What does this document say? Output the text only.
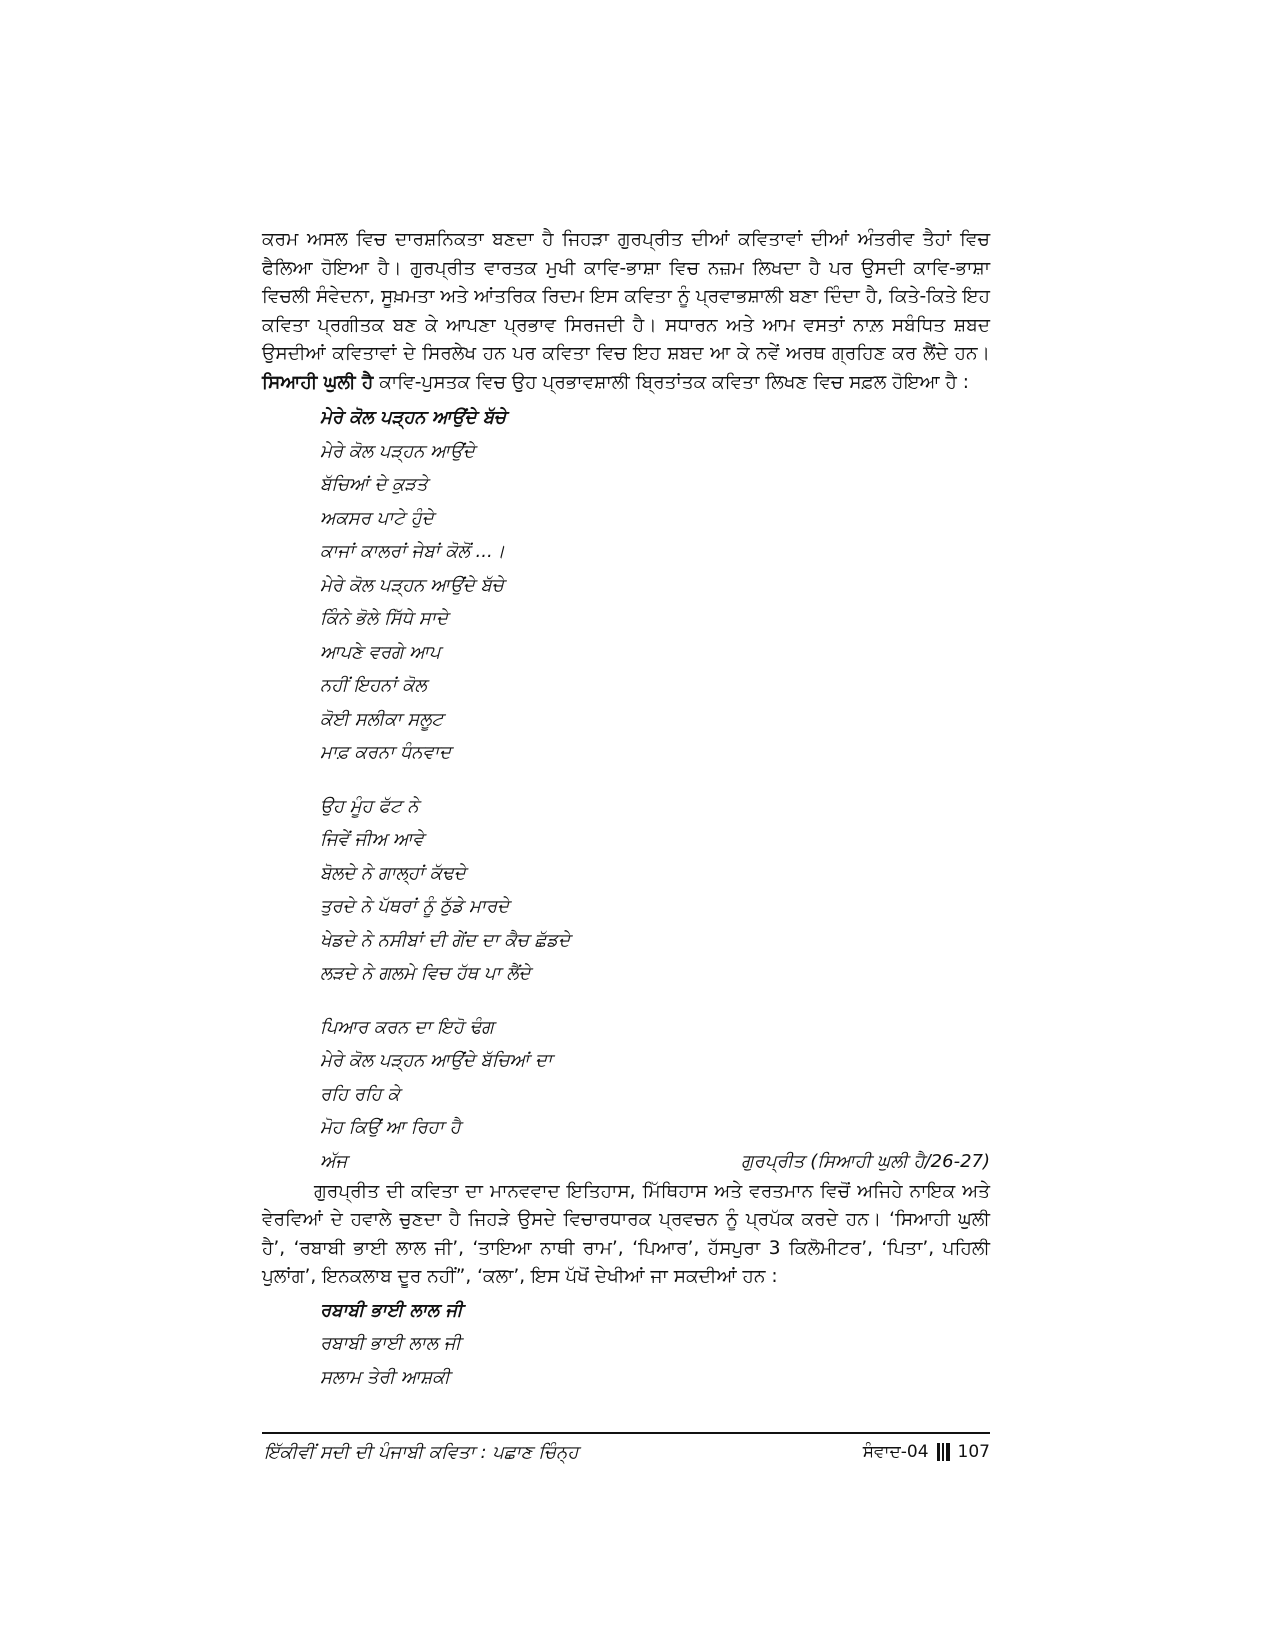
ਕਰਮ ਅਸਲ ਵਿਚ ਦਾਰਸ਼ਨਿਕਤਾ ਬਣਦਾ ਹੈ ਜਿਹੜਾ ਗੁਰਪ੍ਰੀਤ ਦੀਆਂ ਕਵਿਤਾਵਾਂ ਦੀਆਂ ਅੰਤਰੀਵ ਤੈਹਾਂ ਵਿਚ ਫੈਲਿਆ ਹੋਇਆ ਹੈ। ਗੁਰਪ੍ਰੀਤ ਵਾਰਤਕ ਮੁਖੀ ਕਾਵਿ-ਭਾਸ਼ਾ ਵਿਚ ਨਜ਼ਮ ਲਿਖਦਾ ਹੈ ਪਰ ਉਸਦੀ ਕਾਵਿ-ਭਾਸ਼ਾ ਵਿਚਲੀ ਸੰਵੇਦਨਾ, ਸੂਖ਼ਮਤਾ ਅਤੇ ਆਂਤਰਿਕ ਰਿਦਮ ਇਸ ਕਵਿਤਾ ਨੂੰ ਪ੍ਰਵਾਭਸ਼ਾਲੀ ਬਣਾ ਦਿੰਦਾ ਹੈ, ਕਿਤੇ-ਕਿਤੇ ਇਹ ਕਵਿਤਾ ਪ੍ਰਗੀਤਕ ਬਣ ਕੇ ਆਪਣਾ ਪ੍ਰਭਾਵ ਸਿਰਜਦੀ ਹੈ। ਸਧਾਰਨ ਅਤੇ ਆਮ ਵਸਤਾਂ ਨਾਲ਼ ਸਬੰਧਿਤ ਸ਼ਬਦ ਉਸਦੀਆਂ ਕਵਿਤਾਵਾਂ ਦੇ ਸਿਰਲੇਖ ਹਨ ਪਰ ਕਵਿਤਾ ਵਿਚ ਇਹ ਸ਼ਬਦ ਆ ਕੇ ਨਵੇਂ ਅਰਥ ਗ੍ਰਹਿਣ ਕਰ ਲੈਂਦੇ ਹਨ। ਸਿਆਹੀ ਘੁਲੀ ਹੈ ਕਾਵਿ-ਪੁਸਤਕ ਵਿਚ ਉਹ ਪ੍ਰਭਾਵਸ਼ਾਲੀ ਬ੍ਰਿਤਾਂਤਕ ਕਵਿਤਾ ਲਿਖਣ ਵਿਚ ਸਫ਼ਲ ਹੋਇਆ ਹੈ :

ਮੇਰੇ ਕੋਲ ਪੜ੍ਹਨ ਆਉਂਦੇ ਬੱਚੇ
ਮੇਰੇ ਕੋਲ ਪੜ੍ਹਨ ਆਉਂਦੇ
ਬੱਚਿਆਂ ਦੇ ਕੁੜਤੇ
ਅਕਸਰ ਪਾਟੇ ਹੁੰਦੇ
ਕਾਜਾਂ ਕਾਲਰਾਂ ਜੇਬਾਂ ਕੋਲੋਂ ...।
ਮੇਰੇ ਕੋਲ ਪੜ੍ਹਨ ਆਉਂਦੇ ਬੱਚੇ
ਕਿੰਨੇ ਭੋਲੇ ਸਿੱਧੇ ਸਾਦੇ
ਆਪਣੇ ਵਰਗੇ ਆਪ
ਨਹੀਂ ਇਹਨਾਂ ਕੋਲ
ਕੋਈ ਸਲੀਕਾ ਸਲੂਟ
ਮਾਫ਼ ਕਰਨਾ ਧੰਨਵਾਦ
ਉਹ ਮੂੰਹ ਫੱਟ ਨੇ
ਜਿਵੇਂ ਜੀਅ ਆਵੇ
ਬੋਲਦੇ ਨੇ ਗਾਲ੍ਹਾਂ ਕੱਢਦੇ
ਤੁਰਦੇ ਨੇ ਪੱਥਰਾਂ ਨੂੰ ਠੁੱਡੇ ਮਾਰਦੇ
ਖੇਡਦੇ ਨੇ ਨਸੀਬਾਂ ਦੀ ਗੇਂਦ ਦਾ ਕੈਚ ਛੱਡਦੇ
ਲੜਦੇ ਨੇ ਗਲਮੇ ਵਿਚ ਹੱਥ ਪਾ ਲੈਂਦੇ
ਪਿਆਰ ਕਰਨ ਦਾ ਇਹੋ ਢੰਗ
ਮੇਰੇ ਕੋਲ ਪੜ੍ਹਨ ਆਉਂਦੇ ਬੱਚਿਆਂ ਦਾ
ਰਹਿ ਰਹਿ ਕੇ
ਮੋਹ ਕਿਉਂ ਆ ਰਿਹਾ ਹੈ
ਅੱਜ	ਗੁਰਪ੍ਰੀਤ (ਸਿਆਹੀ ਘੁਲੀ ਹੈ/26-27)

ਗੁਰਪ੍ਰੀਤ ਦੀ ਕਵਿਤਾ ਦਾ ਮਾਨਵਵਾਦ ਇਤਿਹਾਸ, ਮਿੱਥਿਹਾਸ ਅਤੇ ਵਰਤਮਾਨ ਵਿਚੋਂ ਅਜਿਹੇ ਨਾਇਕ ਅਤੇ ਵੇਰਵਿਆਂ ਦੇ ਹਵਾਲੇ ਚੁਣਦਾ ਹੈ ਜਿਹੜੇ ਉਸਦੇ ਵਿਚਾਰਧਾਰਕ ਪ੍ਰਵਚਨ ਨੂੰ ਪ੍ਰਪੱਕ ਕਰਦੇ ਹਨ। ‘ਸਿਆਹੀ ਘੁਲੀ ਹੈ’, ‘ਰਬਾਬੀ ਭਾਈ ਲਾਲ ਜੀ’, ‘ਤਾਇਆ ਨਾਥੀ ਰਾਮ’, ‘ਪਿਆਰ’, ਹੱਸਪੁਰਾ 3 ਕਿਲੋਮੀਟਰ’, ‘ਪਿਤਾ’, ਪਹਿਲੀ ਪੁਲਾਂਗ’, ਇਨਕਲਾਬ ਦੂਰ ਨਹੀਂ”, ‘ਕਲਾ’, ਇਸ ਪੱਖੋਂ ਦੇਖੀਆਂ ਜਾ ਸਕਦੀਆਂ ਹਨ :

ਰਬਾਬੀ ਭਾਈ ਲਾਲ ਜੀ
ਰਬਾਬੀ ਭਾਈ ਲਾਲ ਜੀ
ਸਲਾਮ ਤੇਰੀ ਆਸ਼ਕੀ
ਇੱਕੀਵੀਂ ਸਦੀ ਦੀ ਪੰਜਾਬੀ ਕਵਿਤਾ : ਪਛਾਣ ਚਿੰਨ੍ਹ	ਸੰਵਾਦ-04 107
